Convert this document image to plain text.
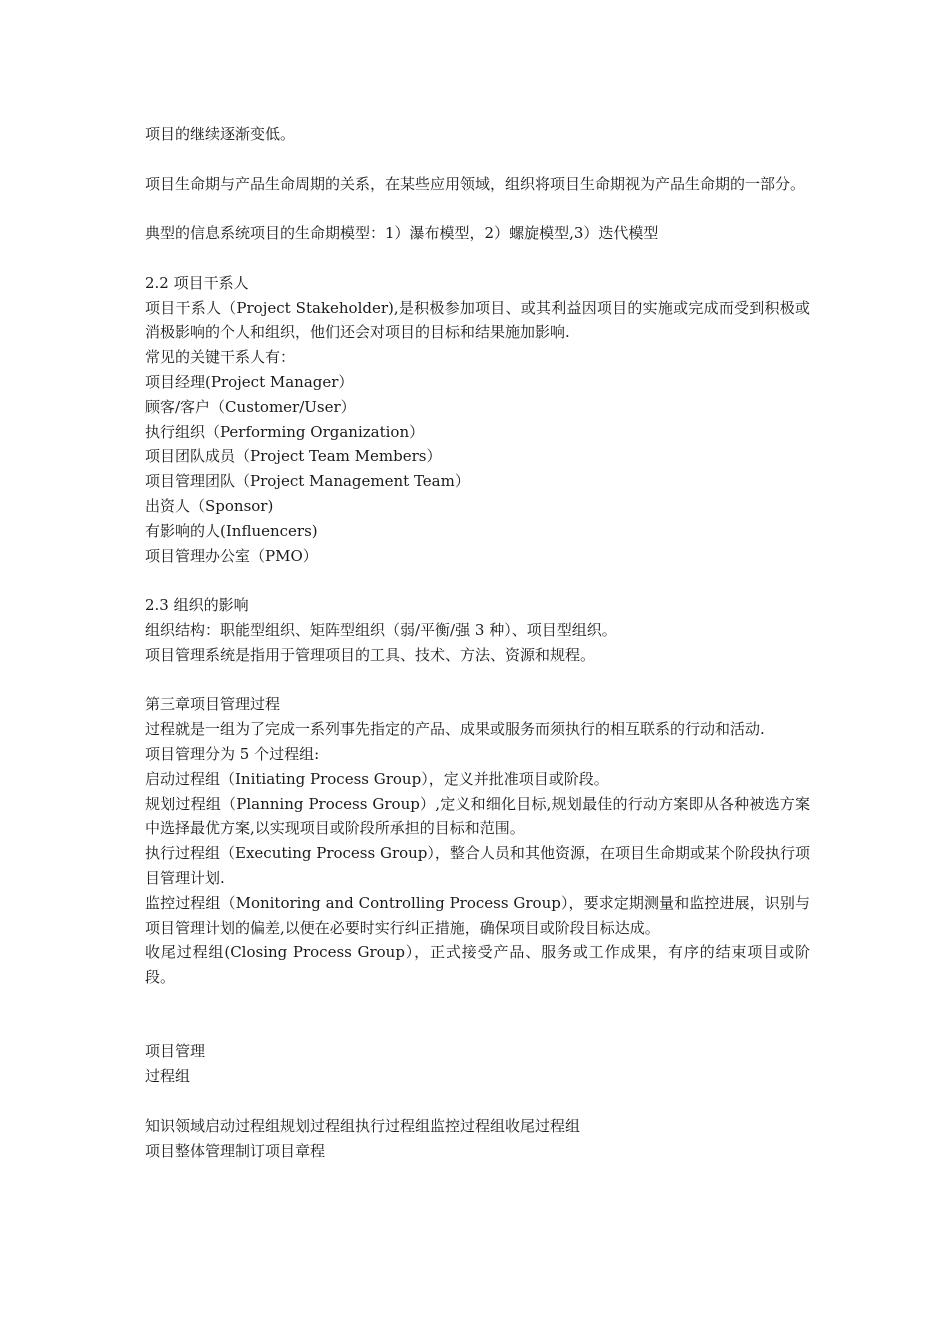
项目的继续逐渐变低。

项目生命期与产品生命周期的关系，在某些应用领域，组织将项目生命期视为产品生命期的一部分。

典型的信息系统项目的生命期模型：1）瀑布模型，2）螺旋模型,3）迭代模型

2.2 项目干系人

项目干系人（Project Stakeholder),是积极参加项目、或其利益因项目的实施或完成而受到积极或消极影响的个人和组织，他们还会对项目的目标和结果施加影响.

常见的关键干系人有：

项目经理(Project Manager）

顾客/客户（Customer/User）

执行组织（Performing Organization）

项目团队成员（Project Team Members）

项目管理团队（Project Management Team）

出资人（Sponsor)

有影响的人(Influencers)

项目管理办公室（PMO）

2.3 组织的影响

组织结构：职能型组织、矩阵型组织（弱/平衡/强 3 种）、项目型组织。

项目管理系统是指用于管理项目的工具、技术、方法、资源和规程。

第三章项目管理过程

过程就是一组为了完成一系列事先指定的产品、成果或服务而须执行的相互联系的行动和活动.

项目管理分为 5 个过程组:

启动过程组（Initiating Process Group），定义并批准项目或阶段。

规划过程组（Planning Process Group）,定义和细化目标,规划最佳的行动方案即从各种被选方案中选择最优方案,以实现项目或阶段所承担的目标和范围。

执行过程组（Executing Process Group），整合人员和其他资源，在项目生命期或某个阶段执行项目管理计划.

监控过程组（Monitoring and Controlling Process Group），要求定期测量和监控进展，识别与项目管理计划的偏差,以便在必要时实行纠正措施，确保项目或阶段目标达成。

收尾过程组(Closing Process Group），正式接受产品、服务或工作成果，有序的结束项目或阶段。

项目管理

过程组

知识领域启动过程组规划过程组执行过程组监控过程组收尾过程组

项目整体管理制订项目章程
